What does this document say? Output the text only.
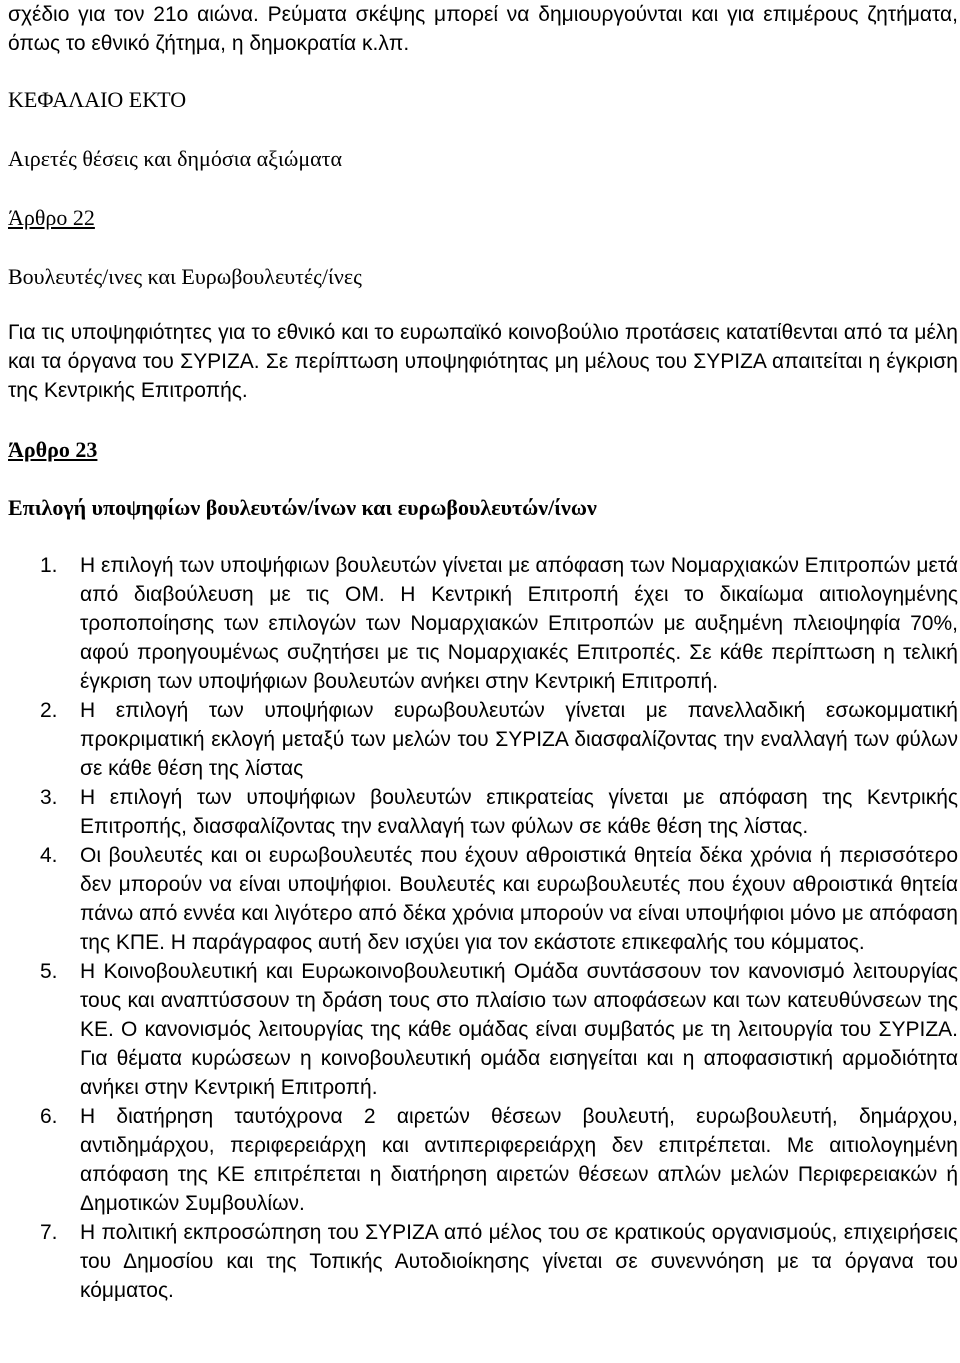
σχέδιο για τον 21ο αιώνα. Ρεύματα σκέψης μπορεί να δημιουργούνται και για επιμέρους ζητήματα, όπως το εθνικό ζήτημα, η δημοκρατία κ.λπ.
ΚΕΦΑΛΑΙΟ ΕΚΤΟ
Αιρετές θέσεις και δημόσια αξιώματα
Άρθρο 22
Βουλευτές/ινες και Ευρωβουλευτές/ίνες
Για τις υποψηφιότητες για το εθνικό και το ευρωπαϊκό κοινοβούλιο προτάσεις κατατίθενται από τα μέλη και τα όργανα του ΣΥΡΙΖΑ. Σε περίπτωση υποψηφιότητας μη μέλους του ΣΥΡΙΖΑ απαιτείται η έγκριση της Κεντρικής Επιτροπής.
Άρθρο 23
Επιλογή υποψηφίων βουλευτών/ίνων και ευρωβουλευτών/ίνων
1. Η επιλογή των υποψήφιων βουλευτών γίνεται με απόφαση των Νομαρχιακών Επιτροπών μετά από διαβούλευση με τις ΟΜ. Η Κεντρική Επιτροπή έχει το δικαίωμα αιτιολογημένης τροποποίησης των επιλογών των Νομαρχιακών Επιτροπών με αυξημένη πλειοψηφία 70%, αφού προηγουμένως συζητήσει με τις Νομαρχιακές Επιτροπές. Σε κάθε περίπτωση η τελική έγκριση των υποψήφιων βουλευτών ανήκει στην Κεντρική Επιτροπή.
2. Η επιλογή των υποψήφιων ευρωβουλευτών γίνεται με πανελλαδική εσωκομματική προκριματική εκλογή μεταξύ των μελών του ΣΥΡΙΖΑ διασφαλίζοντας την εναλλαγή των φύλων σε κάθε θέση της λίστας
3. Η επιλογή των υποψήφιων βουλευτών επικρατείας γίνεται με απόφαση της Κεντρικής Επιτροπής, διασφαλίζοντας την εναλλαγή των φύλων σε κάθε θέση της λίστας.
4. Οι βουλευτές και οι ευρωβουλευτές που έχουν αθροιστικά θητεία δέκα χρόνια ή περισσότερο δεν μπορούν να είναι υποψήφιοι. Βουλευτές και ευρωβουλευτές που έχουν αθροιστικά θητεία πάνω από εννέα και λιγότερο από δέκα χρόνια μπορούν να είναι υποψήφιοι μόνο με απόφαση της ΚΠΕ. Η παράγραφος αυτή δεν ισχύει για τον εκάστοτε επικεφαλής του κόμματος.
5. Η Κοινοβουλευτική και Ευρωκοινοβουλευτική Ομάδα συντάσσουν τον κανονισμό λειτουργίας τους και αναπτύσσουν τη δράση τους στο πλαίσιο των αποφάσεων και των κατευθύνσεων της ΚΕ. Ο κανονισμός λειτουργίας της κάθε ομάδας είναι συμβατός με τη λειτουργία του ΣΥΡΙΖΑ. Για θέματα κυρώσεων η κοινοβουλευτική ομάδα εισηγείται και η αποφασιστική αρμοδιότητα ανήκει στην Κεντρική Επιτροπή.
6. Η διατήρηση ταυτόχρονα 2 αιρετών θέσεων βουλευτή, ευρωβουλευτή, δημάρχου, αντιδημάρχου, περιφερειάρχη και αντιπεριφερειάρχη δεν επιτρέπεται. Με αιτιολογημένη απόφαση της ΚΕ επιτρέπεται η διατήρηση αιρετών θέσεων απλών μελών Περιφερειακών ή Δημοτικών Συμβουλίων.
7. Η πολιτική εκπροσώπηση του ΣΥΡΙΖΑ από μέλος του σε κρατικούς οργανισμούς, επιχειρήσεις του Δημοσίου και της Τοπικής Αυτοδιοίκησης γίνεται σε συνεννόηση με τα όργανα του κόμματος.
